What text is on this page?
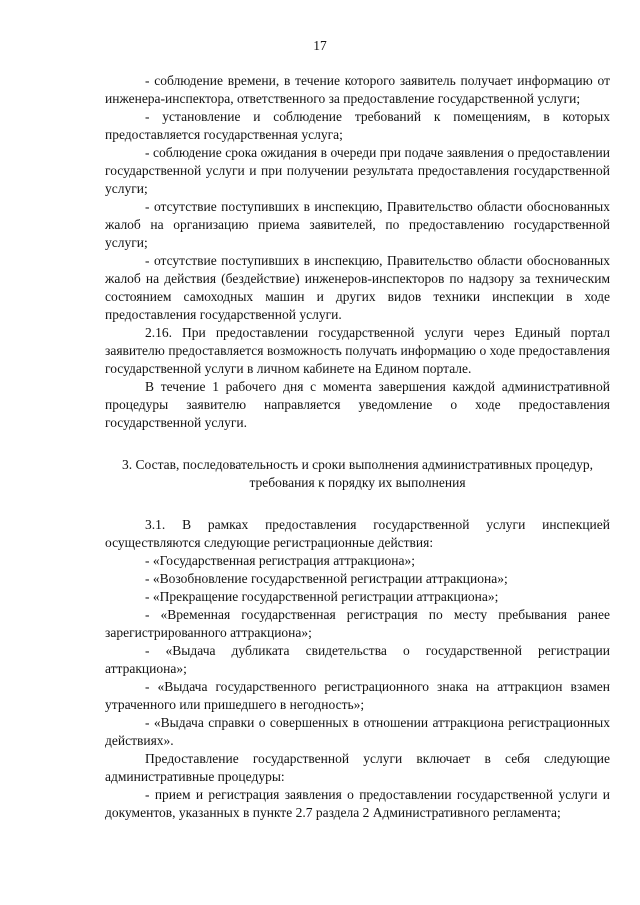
17

- соблюдение времени, в течение которого заявитель получает информацию от инженера-инспектора, ответственного за предоставление государственной услуги;

- установление и соблюдение требований к помещениям, в которых предоставляется государственная услуга;

- соблюдение срока ожидания в очереди при подаче заявления о предоставлении государственной услуги и при получении результата предоставления государственной услуги;

- отсутствие поступивших в инспекцию, Правительство области обоснованных жалоб на организацию приема заявителей, по предоставлению государственной услуги;

- отсутствие поступивших в инспекцию, Правительство области обоснованных жалоб на действия (бездействие) инженеров-инспекторов по надзору за техническим состоянием самоходных машин и других видов техники инспекции в ходе предоставления государственной услуги.

2.16. При предоставлении государственной услуги через Единый портал заявителю предоставляется возможность получать информацию о ходе предоставления государственной услуги в личном кабинете на Едином портале.

В течение 1 рабочего дня с момента завершения каждой административной процедуры заявителю направляется уведомление о ходе предоставления государственной услуги.

3. Состав, последовательность и сроки выполнения административных процедур, требования к порядку их выполнения

3.1. В рамках предоставления государственной услуги инспекцией осуществляются следующие регистрационные действия:

- «Государственная регистрация аттракциона»;

- «Возобновление государственной регистрации аттракциона»;

- «Прекращение государственной регистрации аттракциона»;

- «Временная государственная регистрация по месту пребывания ранее зарегистрированного аттракциона»;

- «Выдача дубликата свидетельства о государственной регистрации аттракциона»;

- «Выдача государственного регистрационного знака на аттракцион взамен утраченного или пришедшего в негодность»;

- «Выдача справки о совершенных в отношении аттракциона регистрационных действиях».

Предоставление государственной услуги включает в себя следующие административные процедуры:

- прием и регистрация заявления о предоставлении государственной услуги и документов, указанных в пункте 2.7 раздела 2 Административного регламента;
